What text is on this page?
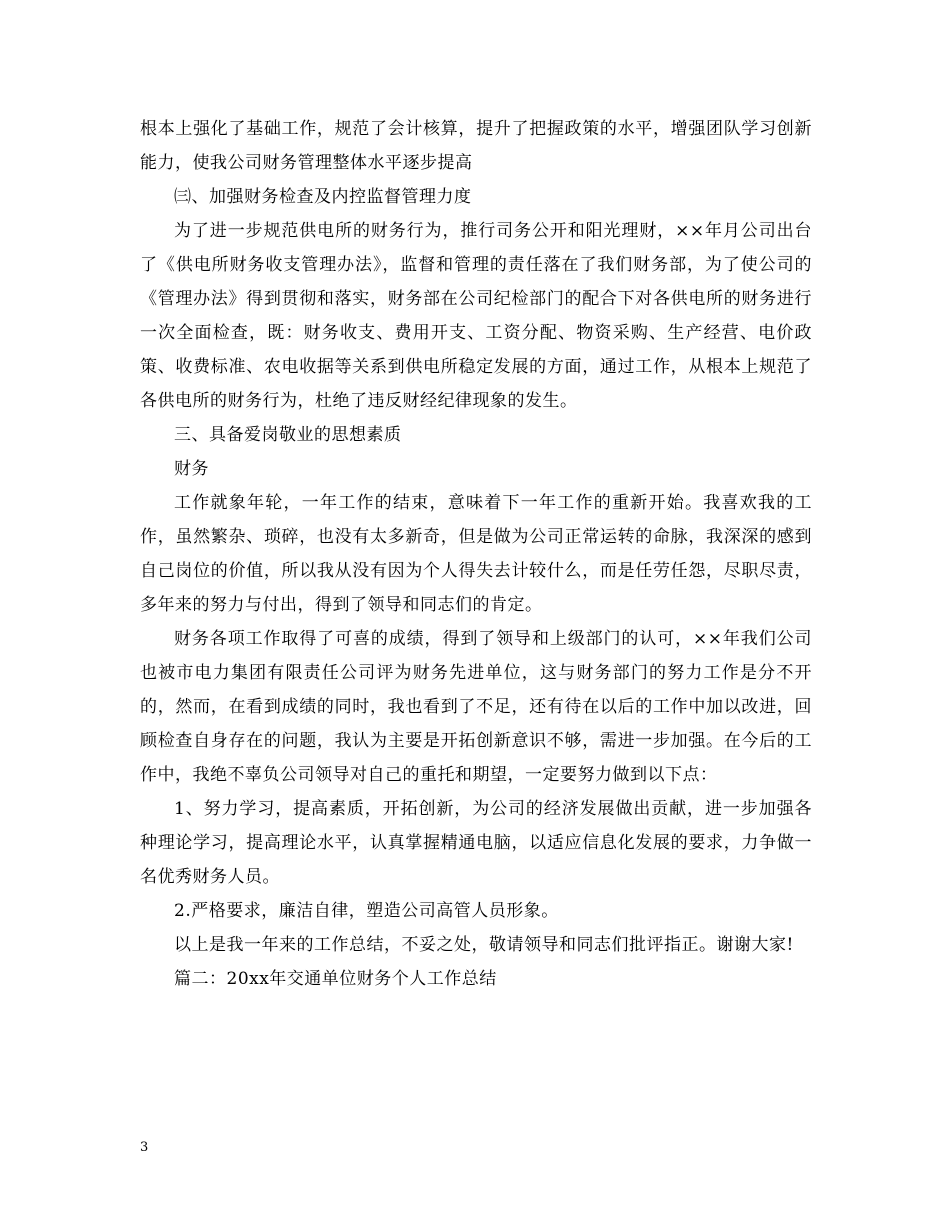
根本上强化了基础工作，规范了会计核算，提升了把握政策的水平，增强团队学习创新能力，使我公司财务管理整体水平逐步提高

㈢、加强财务检查及内控监督管理力度

为了进一步规范供电所的财务行为，推行司务公开和阳光理财，××年月公司出台了《供电所财务收支管理办法》，监督和管理的责任落在了我们财务部，为了使公司的《管理办法》得到贯彻和落实，财务部在公司纪检部门的配合下对各供电所的财务进行一次全面检查，既：财务收支、费用开支、工资分配、物资采购、生产经营、电价政策、收费标准、农电收据等关系到供电所稳定发展的方面，通过工作，从根本上规范了各供电所的财务行为，杜绝了违反财经纪律现象的发生。

三、具备爱岗敬业的思想素质

财务

工作就象年轮，一年工作的结束，意味着下一年工作的重新开始。我喜欢我的工作，虽然繁杂、琐碎，也没有太多新奇，但是做为公司正常运转的命脉，我深深的感到自己岗位的价值，所以我从没有因为个人得失去计较什么，而是任劳任怨，尽职尽责，多年来的努力与付出，得到了领导和同志们的肯定。

财务各项工作取得了可喜的成绩，得到了领导和上级部门的认可，××年我们公司也被市电力集团有限责任公司评为财务先进单位，这与财务部门的努力工作是分不开的，然而，在看到成绩的同时，我也看到了不足，还有待在以后的工作中加以改进，回顾检查自身存在的问题，我认为主要是开拓创新意识不够，需进一步加强。在今后的工作中，我绝不辜负公司领导对自己的重托和期望，一定要努力做到以下点：

1、努力学习，提高素质，开拓创新，为公司的经济发展做出贡献，进一步加强各种理论学习，提高理论水平，认真掌握精通电脑，以适应信息化发展的要求，力争做一名优秀财务人员。

2.严格要求，廉洁自律，塑造公司高管人员形象。

以上是我一年来的工作总结，不妥之处，敬请领导和同志们批评指正。谢谢大家!

篇二：20xx年交通单位财务个人工作总结

3
